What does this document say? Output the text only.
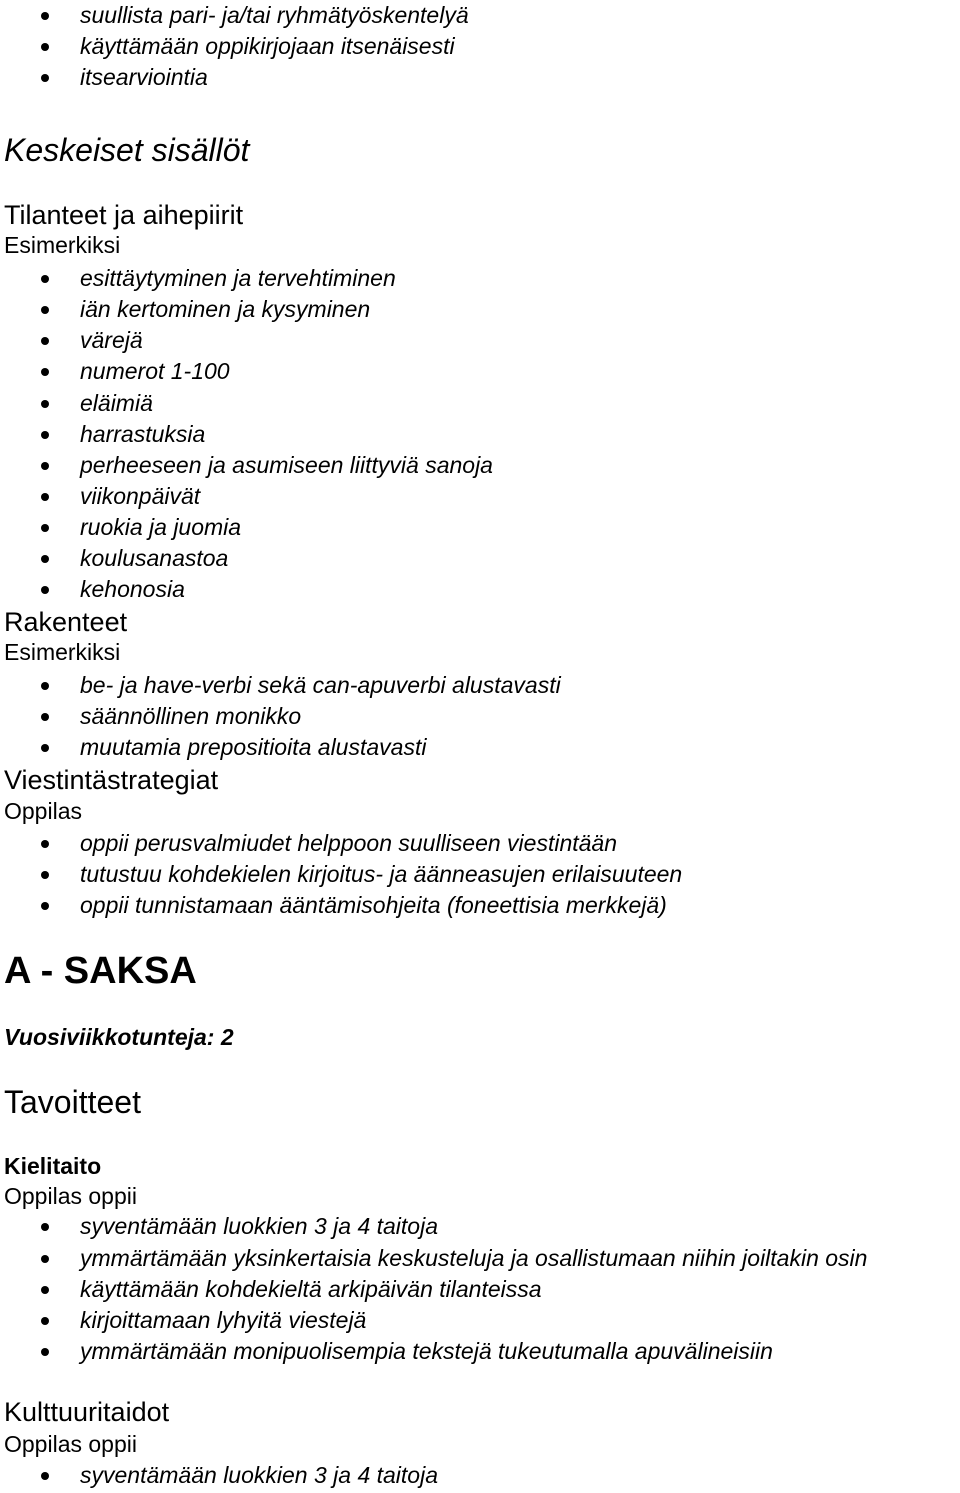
suullista pari- ja/tai ryhmätyöskentelyä
käyttämään oppikirjojaan itsenäisesti
itsearviointia
Keskeiset sisällöt
Tilanteet ja aihepiirit
Esimerkiksi
esittäytyminen ja tervehtiminen
iän kertominen ja kysyminen
värejä
numerot 1-100
eläimiä
harrastuksia
perheeseen ja asumiseen liittyviä sanoja
viikonpäivät
ruokia ja juomia
koulusanastoa
kehonosia
Rakenteet
Esimerkiksi
be- ja have-verbi sekä can-apuverbi alustavasti
säännöllinen monikko
muutamia prepositioita alustavasti
Viestintästrategiat
Oppilas
oppii perusvalmiudet helppoon suulliseen viestintään
tutustuu kohdekielen kirjoitus- ja äänneasujen erilaisuuteen
oppii tunnistamaan ääntämisohjeita (foneettisia merkkejä)
A - SAKSA
Vuosiviikkotunteja: 2
Tavoitteet
Kielitaito
Oppilas oppii
syventämään luokkien 3 ja 4 taitoja
ymmärtämään yksinkertaisia keskusteluja ja osallistumaan niihin joiltakin osin
käyttämään kohdekieltä arkipäivän tilanteissa
kirjoittamaan lyhyitä viestejä
ymmärtämään monipuolisempia tekstejä tukeutumalla apuvälineisiin
Kulttuuritaidot
Oppilas oppii
syventämään luokkien 3 ja 4 taitoja
